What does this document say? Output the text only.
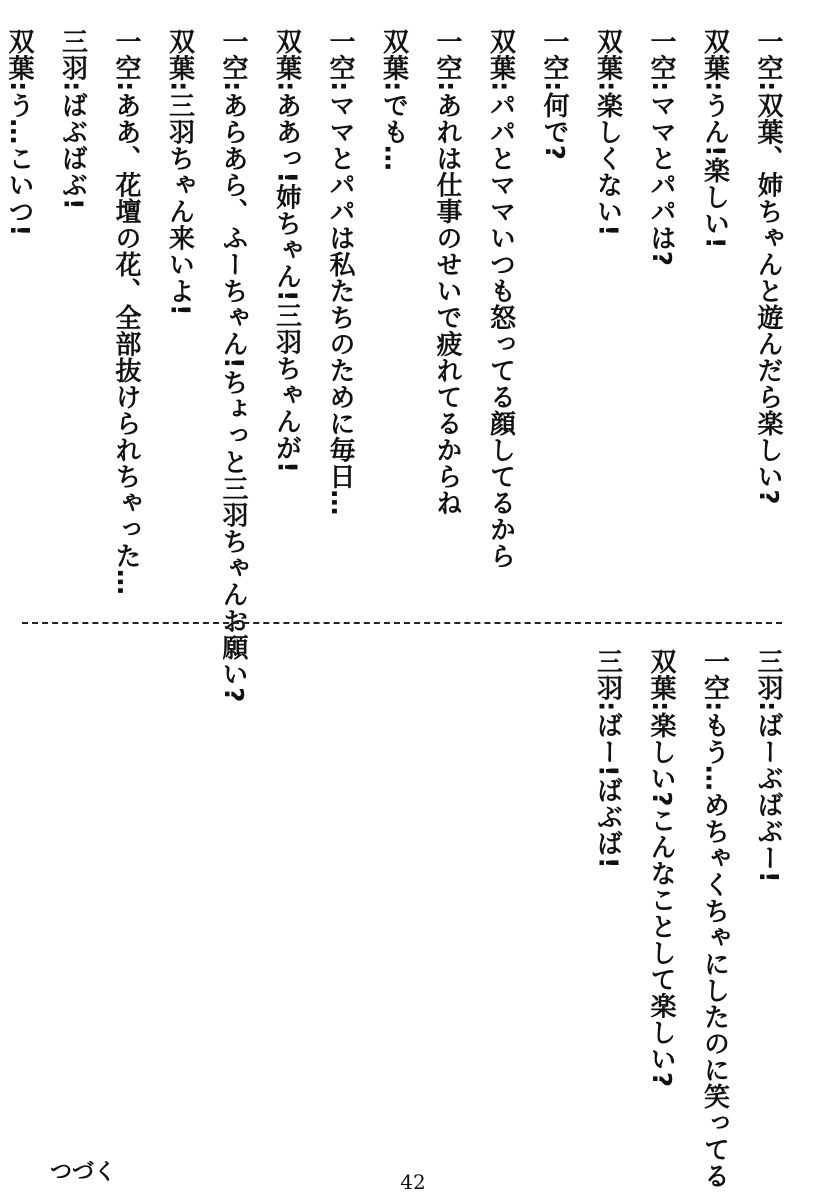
一空:双葉、姉ちゃんと遊んだら楽しい?
双葉:うん!楽しい!
一空:ママとパパは?
双葉:楽しくない!
一空:何で?
双葉:パパとママいつも怒ってる顔してるから
一空:あれは仕事のせいで疲れてるからね
双葉:でも…
一空:ママとパパは私たちのために毎日…
双葉:ああっ!姉ちゃん!三羽ちゃんが!
一空:あらあら、ふーちゃん!ちょっと三羽ちゃんお願い?
双葉:三羽ちゃん来いよ!
一空:ああ、花壇の花、全部抜けられちゃった…
三羽:ばぶばぶ!
双葉:う…こいつ!
三羽:ばーぶばぶー!
一空:もう…めちゃくちゃにしたのに笑ってる
双葉:楽しい?こんなことして楽しい?
三羽:ばー!ばぶば!
つづく	42
